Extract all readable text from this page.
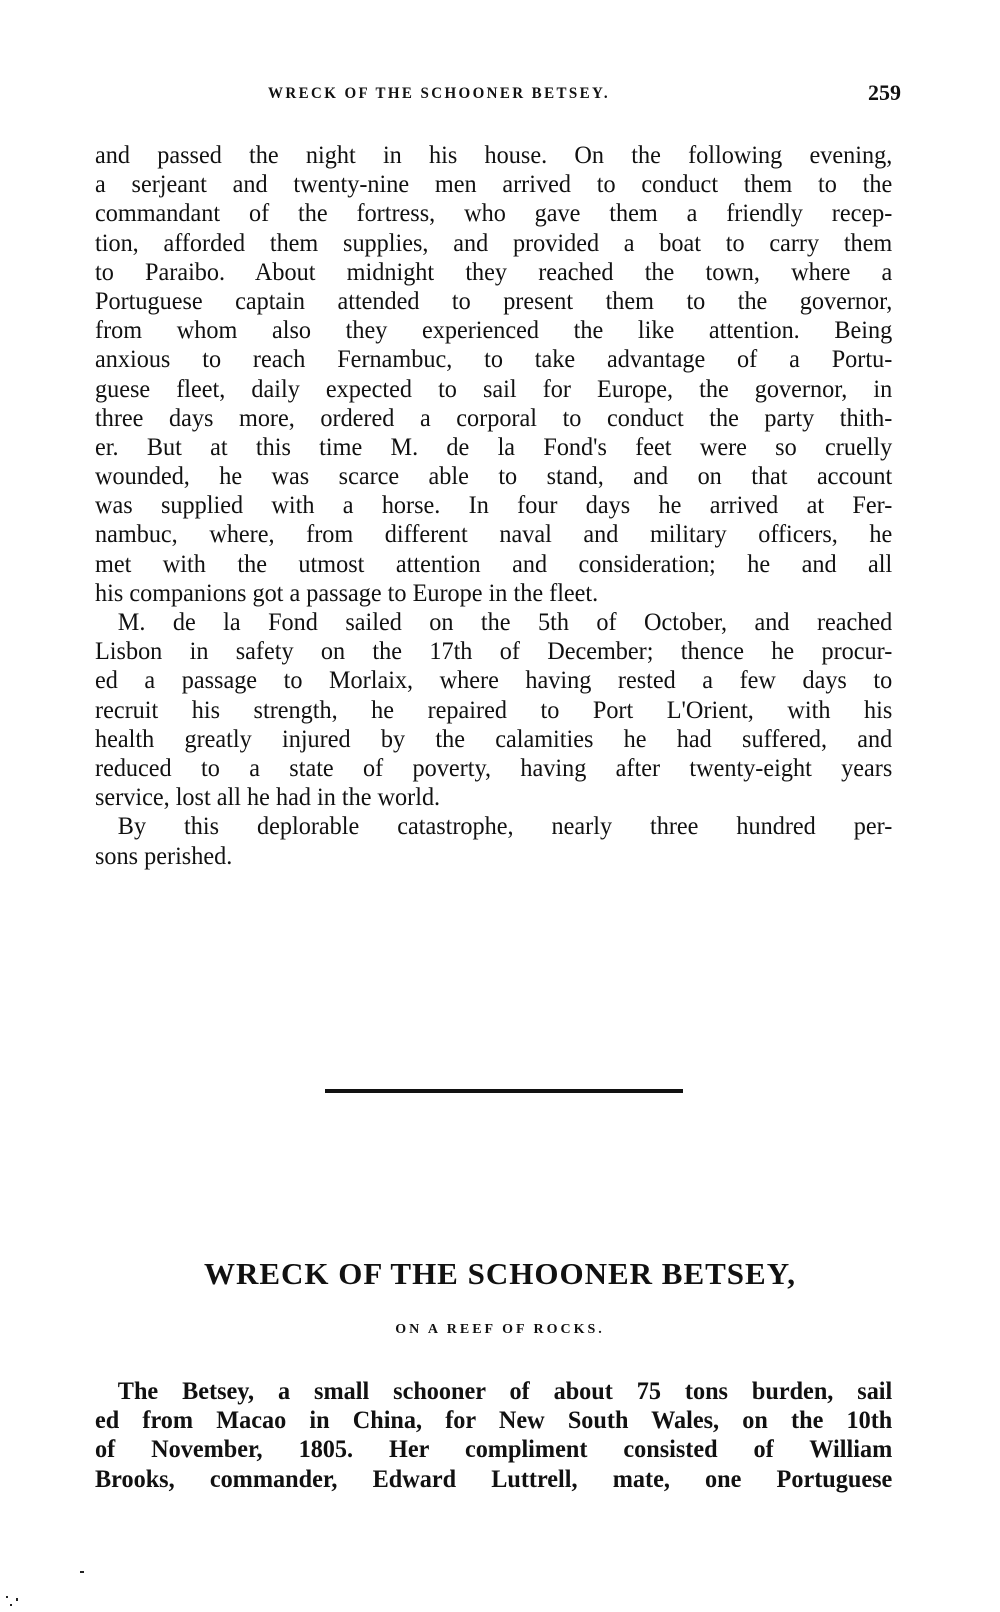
WRECK OF THE SCHOONER BETSEY.	259
and passed the night in his house. On the following evening,
a serjeant and twenty-nine men arrived to conduct them to the
commandant of the fortress, who gave them a friendly recep-
tion, afforded them supplies, and provided a boat to carry them
to Paraibo. About midnight they reached the town, where a
Portuguese captain attended to present them to the governor,
from whom also they experienced the like attention. Being
anxious to reach Fernambuc, to take advantage of a Portu-
guese fleet, daily expected to sail for Europe, the governor, in
three days more, ordered a corporal to conduct the party thith-
er. But at this time M. de la Fond's feet were so cruelly
wounded, he was scarce able to stand, and on that account
was supplied with a horse. In four days he arrived at Fer-
nambuc, where, from different naval and military officers, he
met with the utmost attention and consideration; he and all
his companions got a passage to Europe in the fleet.
M. de la Fond sailed on the 5th of October, and reached
Lisbon in safety on the 17th of December; thence he procur-
ed a passage to Morlaix, where having rested a few days to
recruit his strength, he repaired to Port L'Orient, with his
health greatly injured by the calamities he had suffered, and
reduced to a state of poverty, having after twenty-eight years
service, lost all he had in the world.
By this deplorable catastrophe, nearly three hundred per-
sons perished.
WRECK OF THE SCHOONER BETSEY,
ON A REEF OF ROCKS.
The Betsey, a small schooner of about 75 tons burden, sail
ed from Macao in China, for New South Wales, on the 10th
of November, 1805. Her compliment consisted of William
Brooks, commander, Edward Luttrell, mate, one Portuguese
